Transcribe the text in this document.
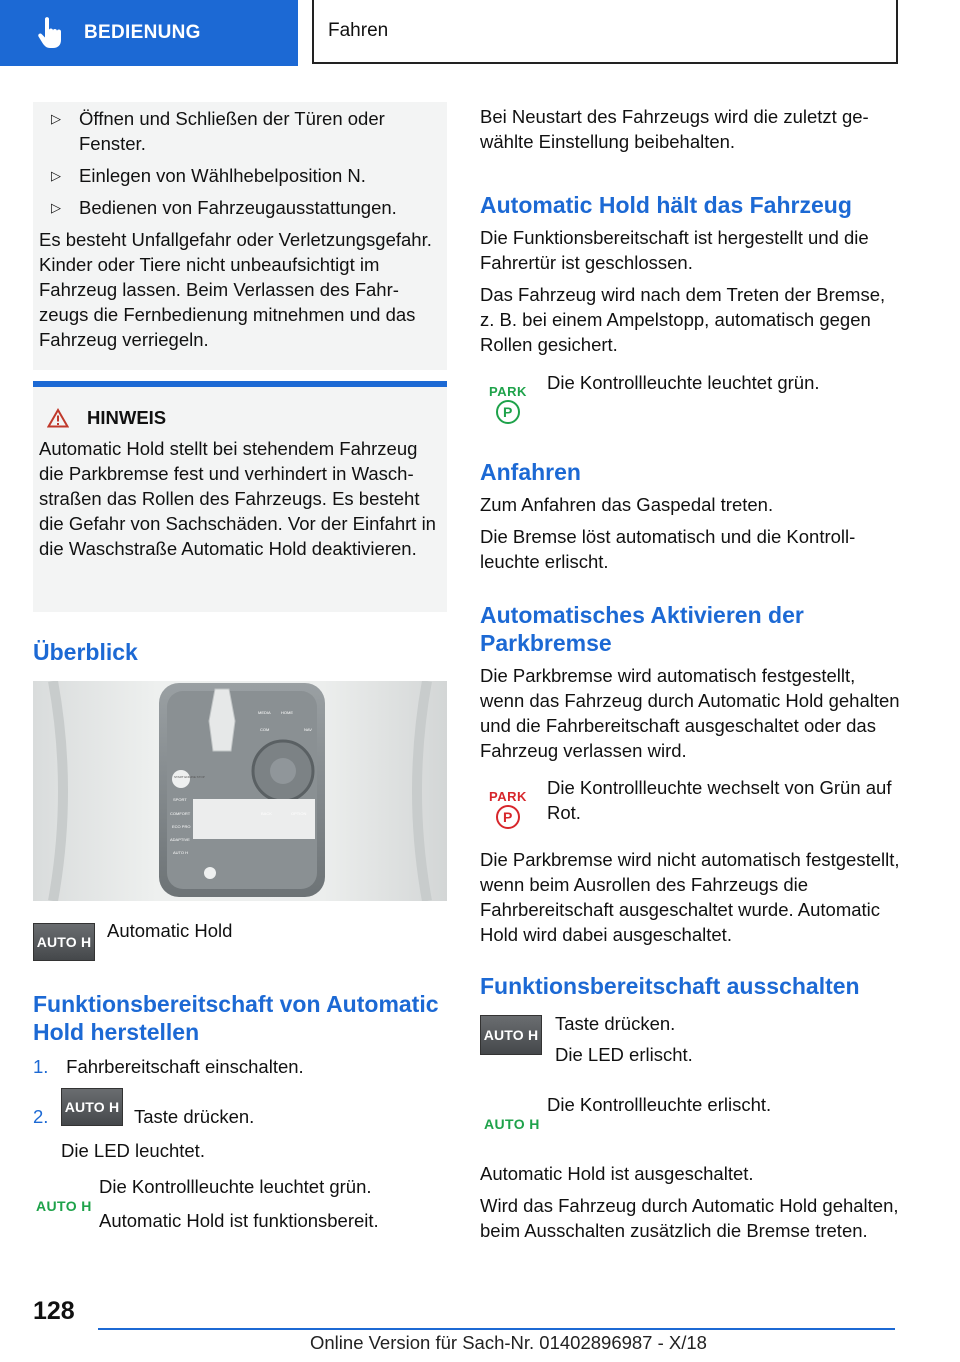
BEDIENUNG	Fahren
▷ Öffnen und Schließen der Türen oder Fenster.
▷ Einlegen von Wählhebelposition N.
▷ Bedienen von Fahrzeugausstattungen.

Es besteht Unfallgefahr oder Verletzungsgefahr. Kinder oder Tiere nicht unbeaufsichtigt im Fahrzeug lassen. Beim Verlassen des Fahrzeugs die Fernbedienung mitnehmen und das Fahrzeug verriegeln.

HINWEIS

Automatic Hold stellt bei stehendem Fahrzeug die Parkbremse fest und verhindert in Waschstraßen das Rollen des Fahrzeugs. Es besteht die Gefahr von Sachschäden. Vor der Einfahrt in die Waschstraße Automatic Hold deaktivieren.

Überblick
MEDIA	HOME
COM	NAV
BACK	OPTION
START ENGINE STOP
SPORT
COMFORT
ECO PRO
ADAPTIVE
AUTO H
AUTO H
Automatic Hold
Funktionsbereitschaft von Automatic Hold herstellen
1. Fahrbereitschaft einschalten.
2. AUTO H Taste drücken.
Die LED leuchtet.
AUTO H
Die Kontrollleuchte leuchtet grün.
Automatic Hold ist funktionsbereit.

Bei Neustart des Fahrzeugs wird die zuletzt gewählte Einstellung beibehalten.

Automatic Hold hält das Fahrzeug

Die Funktionsbereitschaft ist hergestellt und die Fahrertür ist geschlossen.

Das Fahrzeug wird nach dem Treten der Bremse, z. B. bei einem Ampelstopp, automatisch gegen Rollen gesichert.

PARK
P
Die Kontrollleuchte leuchtet grün.
Anfahren

Zum Anfahren das Gaspedal treten.

Die Bremse löst automatisch und die Kontrollleuchte erlischt.

Automatisches Aktivieren der Parkbremse

Die Parkbremse wird automatisch festgestellt, wenn das Fahrzeug durch Automatic Hold gehalten und die Fahrbereitschaft ausgeschaltet oder das Fahrzeug verlassen wird.

PARK
P
Die Kontrollleuchte wechselt von Grün auf Rot.

Die Parkbremse wird nicht automatisch festgestellt, wenn beim Ausrollen des Fahrzeugs die Fahrbereitschaft ausgeschaltet wurde. Automatic Hold wird dabei ausgeschaltet.

Funktionsbereitschaft ausschalten
AUTO H
Taste drücken.
Die LED erlischt.
AUTO H
Die Kontrollleuchte erlischt.

Automatic Hold ist ausgeschaltet.

Wird das Fahrzeug durch Automatic Hold gehalten, beim Ausschalten zusätzlich die Bremse treten.

128
Online Version für Sach-Nr. 01402896987 - X/18
